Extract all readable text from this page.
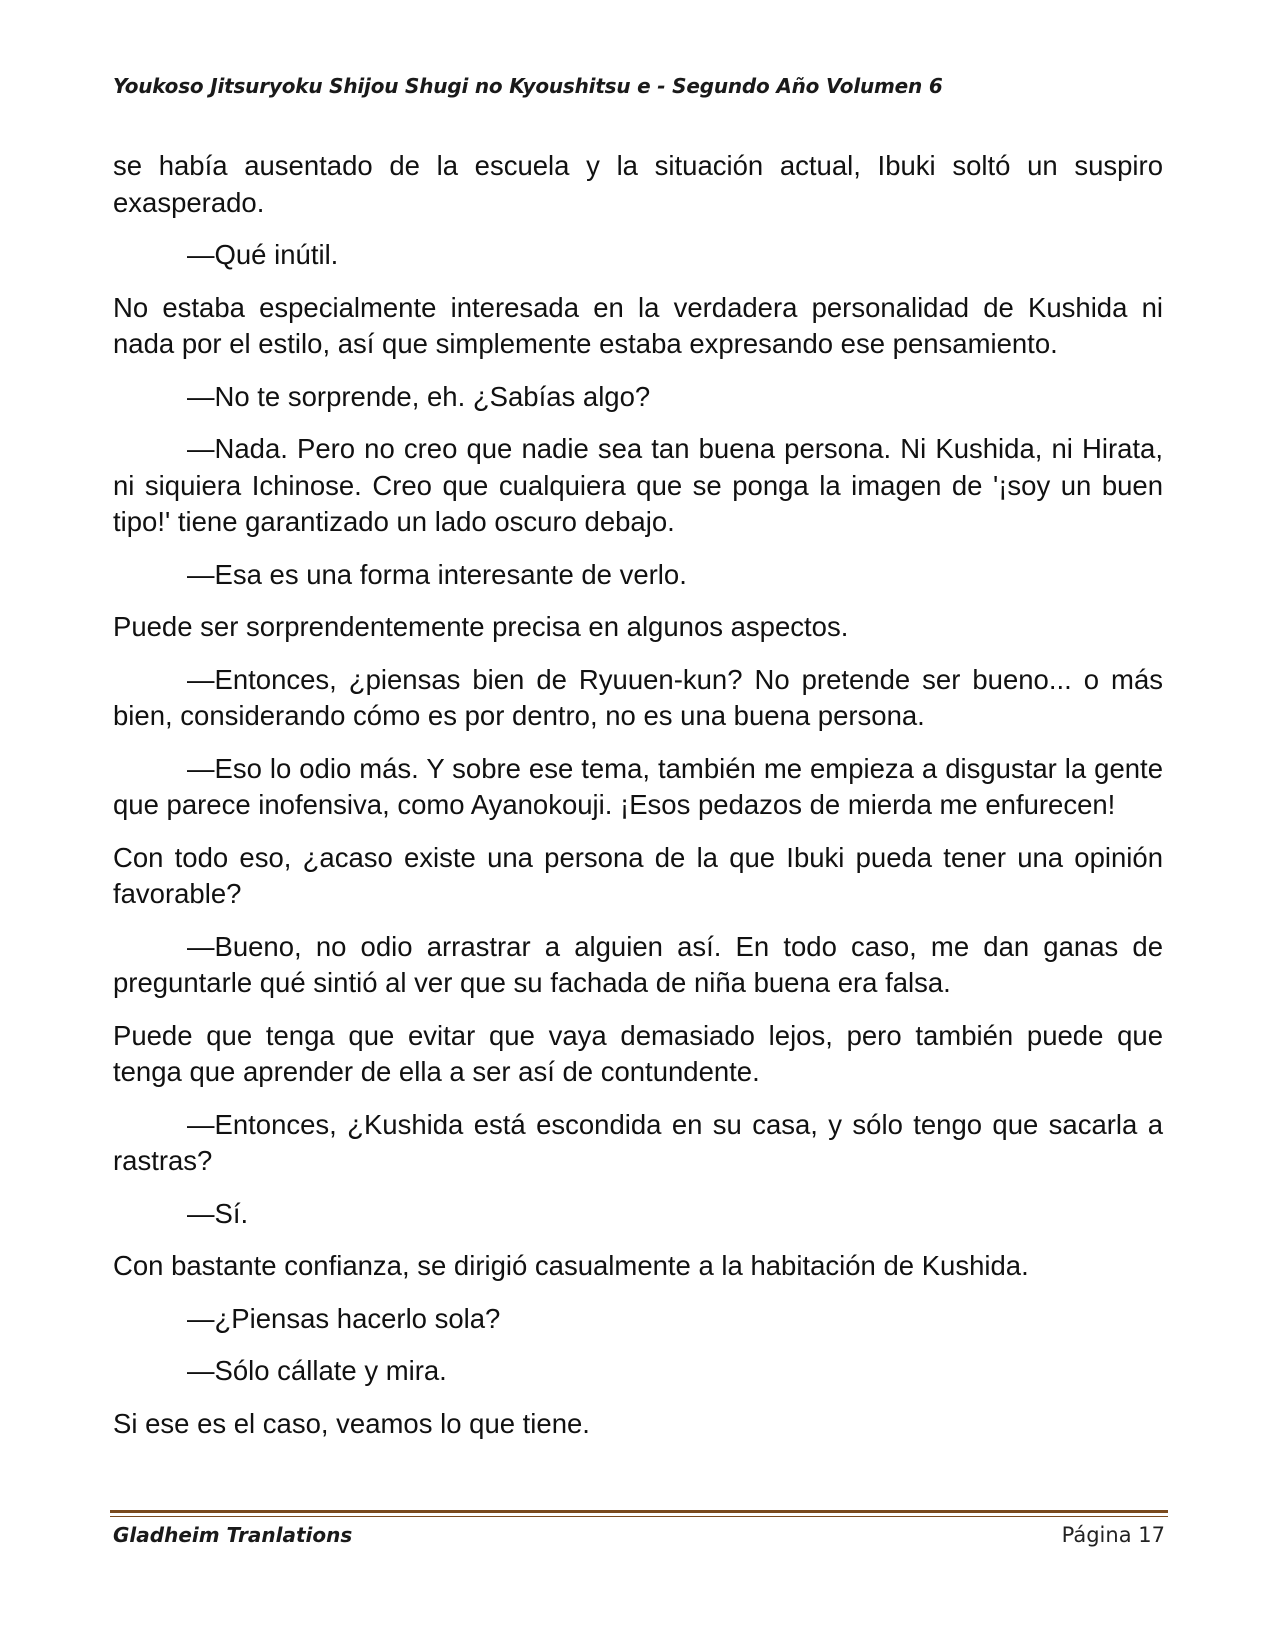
Youkoso Jitsuryoku Shijou Shugi no Kyoushitsu e - Segundo Año Volumen 6

se había ausentado de la escuela y la situación actual, Ibuki soltó un suspiro exasperado.

—Qué inútil.

No estaba especialmente interesada en la verdadera personalidad de Kushida ni nada por el estilo, así que simplemente estaba expresando ese pensamiento.

—No te sorprende, eh. ¿Sabías algo?

—Nada. Pero no creo que nadie sea tan buena persona. Ni Kushida, ni Hirata, ni siquiera Ichinose. Creo que cualquiera que se ponga la imagen de '¡soy un buen tipo!' tiene garantizado un lado oscuro debajo.

—Esa es una forma interesante de verlo.

Puede ser sorprendentemente precisa en algunos aspectos.

—Entonces, ¿piensas bien de Ryuuen-kun? No pretende ser bueno... o más bien, considerando cómo es por dentro, no es una buena persona.

—Eso lo odio más. Y sobre ese tema, también me empieza a disgustar la gente que parece inofensiva, como Ayanokouji. ¡Esos pedazos de mierda me enfurecen!

Con todo eso, ¿acaso existe una persona de la que Ibuki pueda tener una opinión favorable?

—Bueno, no odio arrastrar a alguien así. En todo caso, me dan ganas de preguntarle qué sintió al ver que su fachada de niña buena era falsa.

Puede que tenga que evitar que vaya demasiado lejos, pero también puede que tenga que aprender de ella a ser así de contundente.

—Entonces, ¿Kushida está escondida en su casa, y sólo tengo que sacarla a rastras?

—Sí.

Con bastante confianza, se dirigió casualmente a la habitación de Kushida.

—¿Piensas hacerlo sola?

—Sólo cállate y mira.

Si ese es el caso, veamos lo que tiene.

Gladheim Tranlations	Página 17
